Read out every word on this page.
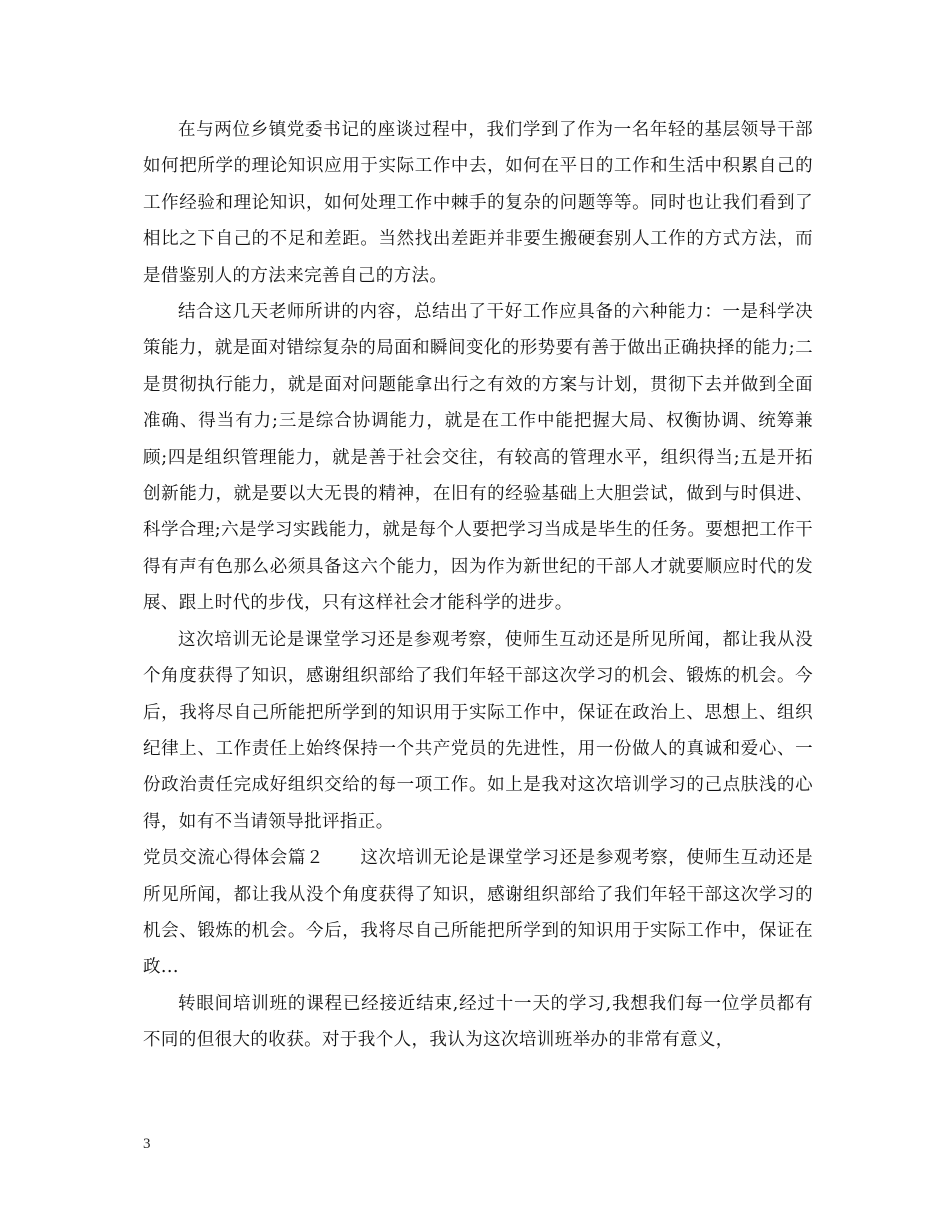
在与两位乡镇党委书记的座谈过程中，我们学到了作为一名年轻的基层领导干部如何把所学的理论知识应用于实际工作中去，如何在平日的工作和生活中积累自己的工作经验和理论知识，如何处理工作中棘手的复杂的问题等等。同时也让我们看到了相比之下自己的不足和差距。当然找出差距并非要生搬硬套别人工作的方式方法，而是借鉴别人的方法来完善自己的方法。

结合这几天老师所讲的内容，总结出了干好工作应具备的六种能力：一是科学决策能力，就是面对错综复杂的局面和瞬间变化的形势要有善于做出正确抉择的能力;二是贯彻执行能力，就是面对问题能拿出行之有效的方案与计划，贯彻下去并做到全面准确、得当有力;三是综合协调能力，就是在工作中能把握大局、权衡协调、统筹兼顾;四是组织管理能力，就是善于社会交往，有较高的管理水平，组织得当;五是开拓创新能力，就是要以大无畏的精神，在旧有的经验基础上大胆尝试，做到与时俱进、科学合理;六是学习实践能力，就是每个人要把学习当成是毕生的任务。要想把工作干得有声有色那么必须具备这六个能力，因为作为新世纪的干部人才就要顺应时代的发展、跟上时代的步伐，只有这样社会才能科学的进步。

这次培训无论是课堂学习还是参观考察，使师生互动还是所见所闻，都让我从没个角度获得了知识，感谢组织部给了我们年轻干部这次学习的机会、锻炼的机会。今后，我将尽自己所能把所学到的知识用于实际工作中，保证在政治上、思想上、组织纪律上、工作责任上始终保持一个共产党员的先进性，用一份做人的真诚和爱心、一份政治责任完成好组织交给的每一项工作。如上是我对这次培训学习的己点肤浅的心得，如有不当请领导批评指正。

党员交流心得体会篇２　　这次培训无论是课堂学习还是参观考察，使师生互动还是所见所闻，都让我从没个角度获得了知识，感谢组织部给了我们年轻干部这次学习的机会、锻炼的机会。今后，我将尽自己所能把所学到的知识用于实际工作中，保证在政...

转眼间培训班的课程已经接近结束,经过十一天的学习,我想我们每一位学员都有不同的但很大的收获。对于我个人，我认为这次培训班举办的非常有意义，

3
